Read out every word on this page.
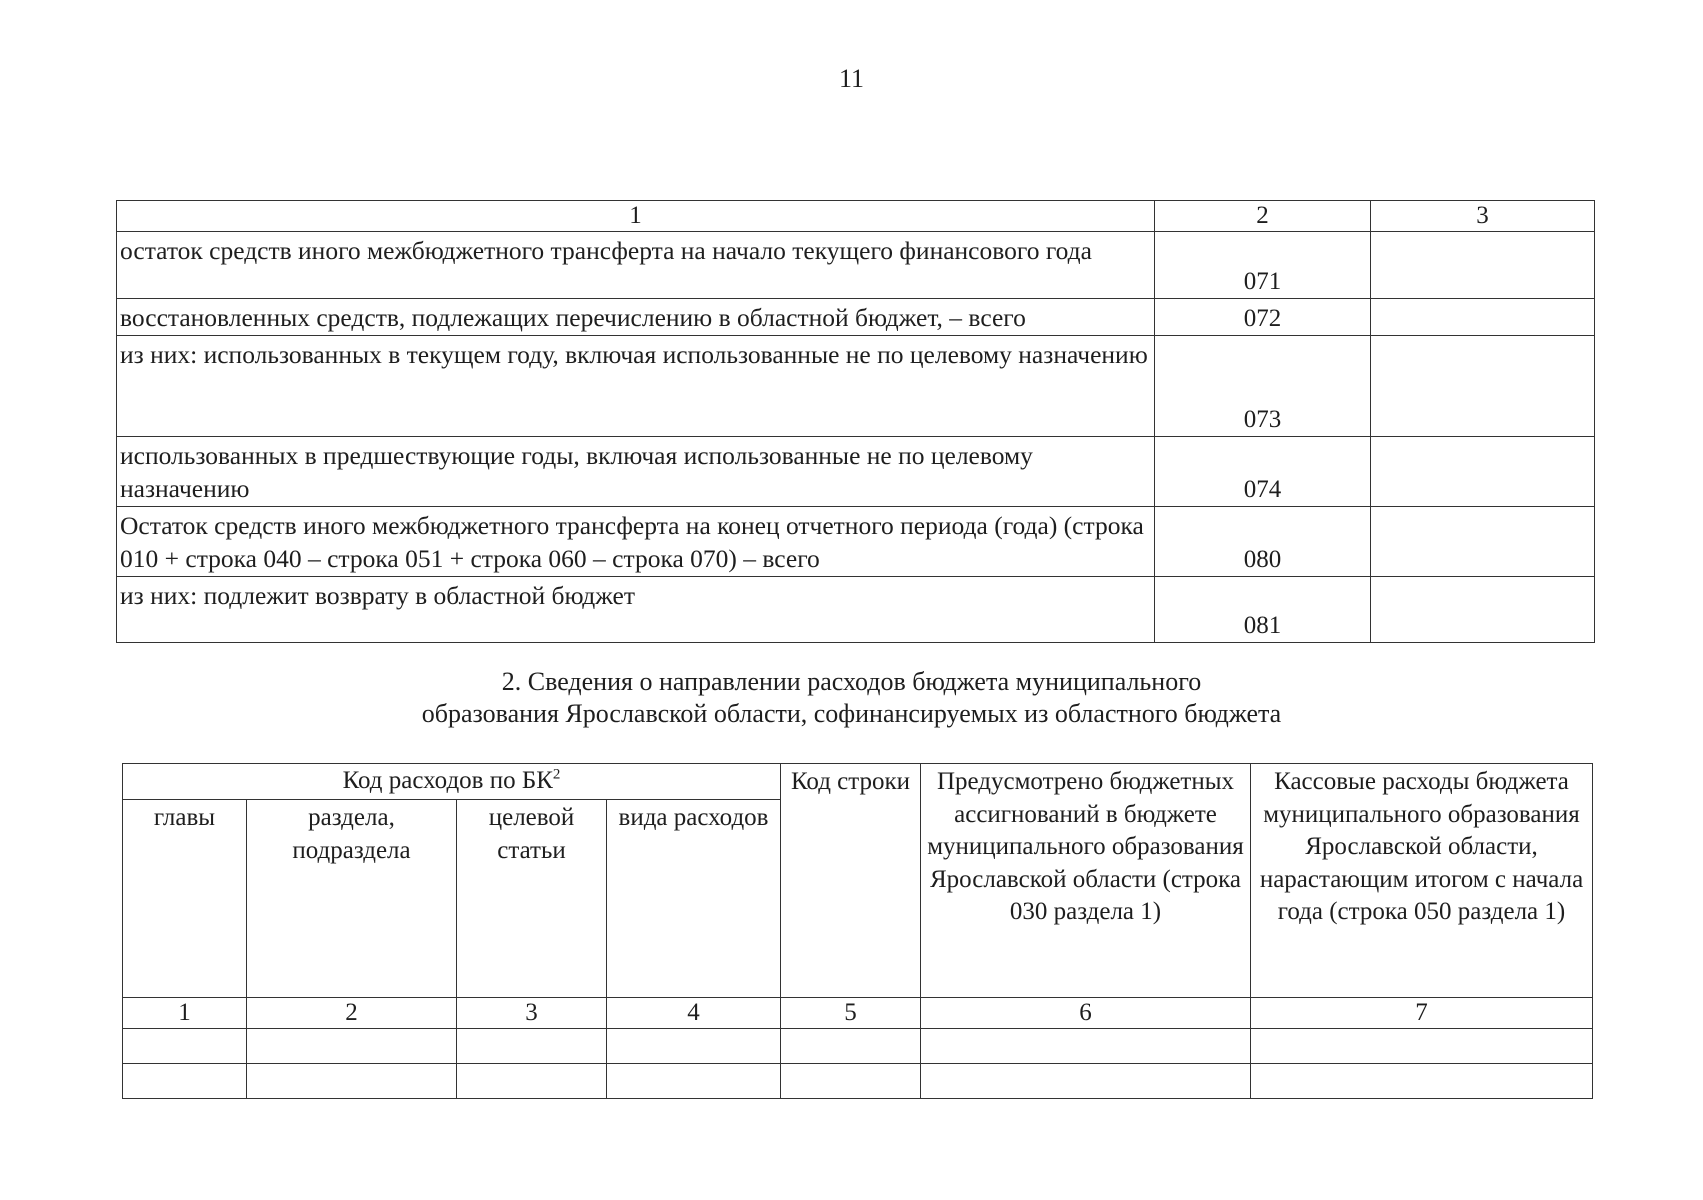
11
1	2	3
остаток средств иного межбюджетного трансферта на начало текущего финансового года	071	
восстановленных средств, подлежащих перечислению в областной бюджет, – всего	072	
из них: использованных в текущем году, включая использованные не по целевому назначению	073	
использованных в предшествующие годы, включая использованные не по целевому назначению	074	
Остаток средств иного межбюджетного трансферта на конец отчетного периода (года) (строка 010 + строка 040 – строка 051 + строка 060 – строка 070) – всего	080	
из них: подлежит возврату в областной бюджет	081	
2. Сведения о направлении расходов бюджета муниципального
образования Ярославской области, софинансируемых из областного бюджета
Код расходов по $БК^2$				Код строки	Предусмотрено бюджетных ассигнований в бюджете муниципального образования Ярославской области (строка 030 раздела 1)	Кассовые расходы бюджета муниципального образования Ярославской области, нарастающим итогом с начала года (строка 050 раздела 1)
главы	раздела, подраздела	целевой статьи	вида расходов			
1	2	3	4	5	6	7
